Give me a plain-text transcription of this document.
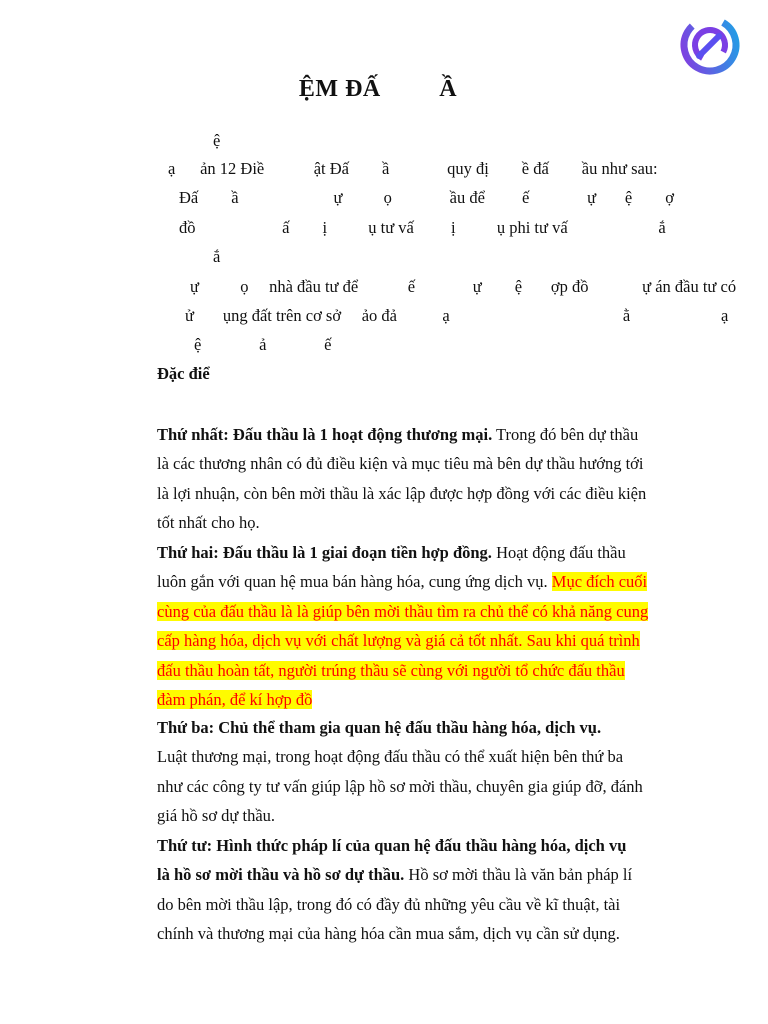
ỆM ĐẤ         Ầ
ệ
ạ      ản 12 Điề            ật Đấ        ầ              quy đị        ề đấ        ầu như sau:
Đấ        ầ                       ự          ọ              ầu để         ế              ự       ệ        ợ
đồ                     ấ        ị          ụ tư vấ         ị          ụ phi tư vấ                      ắ
ắ
ự          ọ     nhà đầu tư để            ế              ự        ệ       ợp đồ             ự án đầu tư có
ử       ụng đất trên cơ sở     ảo đả           ạ                                          ằ                      ạ
ệ              ả              ế
Đặc điể

Thứ nhất: Đấu thầu là 1 hoạt động thương mại. Trong đó bên dự thầu
là các thương nhân có đủ điều kiện và mục tiêu mà bên dự thầu hướng tới
là lợi nhuận, còn bên mời thầu là xác lập được hợp đồng với các điều kiện
tốt nhất cho họ.

Thứ hai: Đấu thầu là 1 giai đoạn tiền hợp đồng. Hoạt động đấu thầu
luôn gắn với quan hệ mua bán hàng hóa, cung ứng dịch vụ. Mục đích cuối
cùng của đấu thầu là là giúp bên mời thầu tìm ra chủ thể có khả năng cung
cấp hàng hóa, dịch vụ với chất lượng và giá cả tốt nhất. Sau khi quá trình
đấu thầu hoàn tất, người trúng thầu sẽ cùng với người tổ chức đấu thầu
đàm phán, để kí hợp đồ

Thứ ba: Chủ thể tham gia quan hệ đấu thầu hàng hóa, dịch vụ.
Luật thương mại, trong hoạt động đấu thầu có thể xuất hiện bên thứ ba
như các công ty tư vấn giúp lập hồ sơ mời thầu, chuyên gia giúp đỡ, đánh
giá hồ sơ dự thầu.

Thứ tư: Hình thức pháp lí của quan hệ đấu thầu hàng hóa, dịch vụ
là hồ sơ mời thầu và hồ sơ dự thầu. Hồ sơ mời thầu là văn bản pháp lí
do bên mời thầu lập, trong đó có đầy đủ những yêu cầu về kĩ thuật, tài
chính và thương mại của hàng hóa cần mua sắm, dịch vụ cần sử dụng.
